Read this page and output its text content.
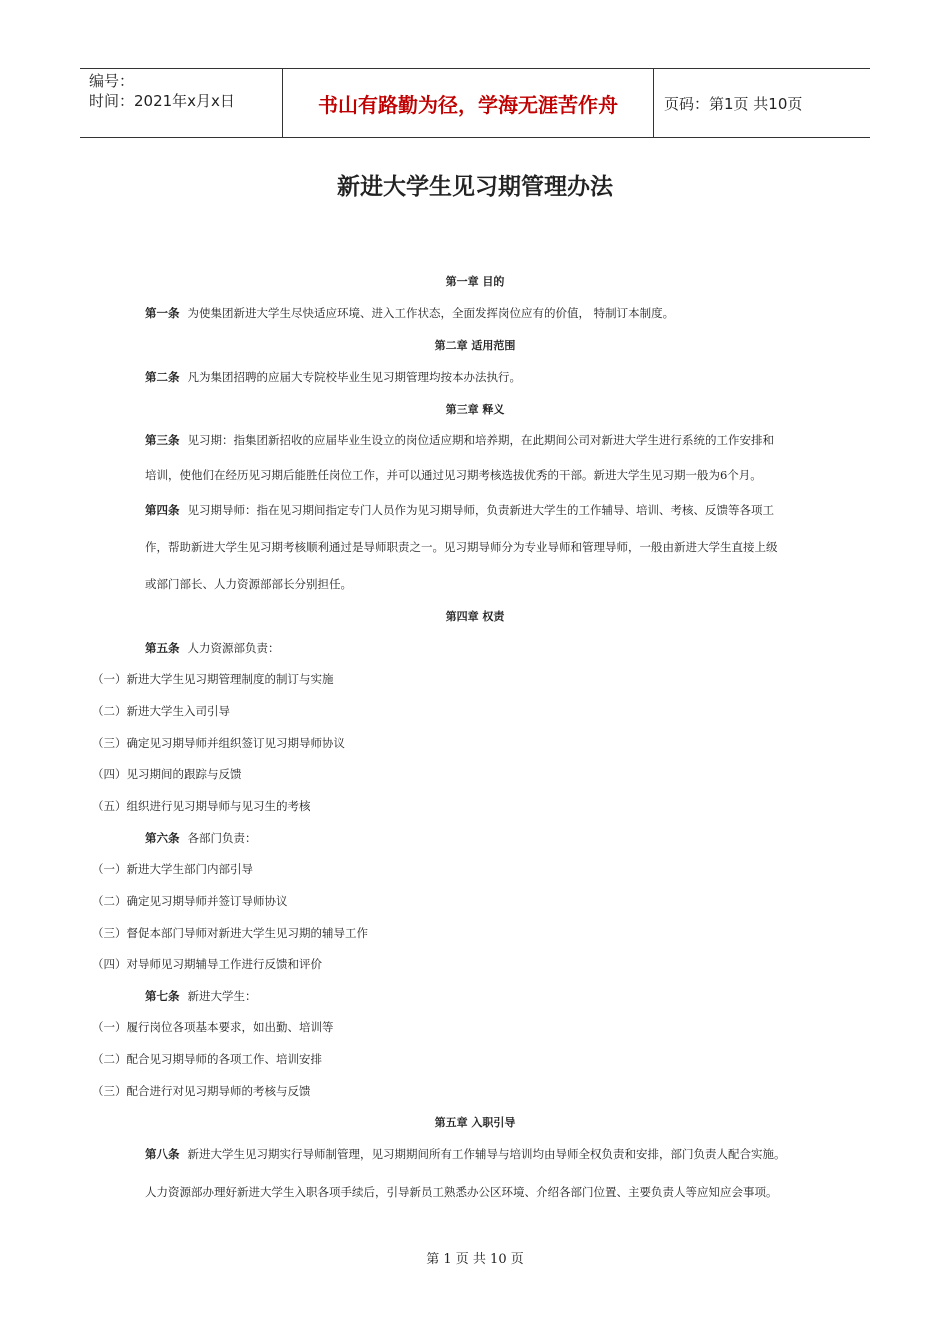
编号：
时间：2021年x月x日	书山有路勤为径，学海无涯苦作舟	页码：第1页 共10页
新进大学生见习期管理办法
第一章 目的
第一条 为使集团新进大学生尽快适应环境、进入工作状态，全面发挥岗位应有的价值， 特制订本制度。
第二章 适用范围
第二条 凡为集团招聘的应届大专院校毕业生见习期管理均按本办法执行。
第三章 释义
第三条 见习期：指集团新招收的应届毕业生设立的岗位适应期和培养期，在此期间公司对新进大学生进行系统的工作安排和
培训，使他们在经历见习期后能胜任岗位工作，并可以通过见习期考核选拔优秀的干部。新进大学生见习期一般为6个月。
第四条 见习期导师：指在见习期间指定专门人员作为见习期导师，负责新进大学生的工作辅导、培训、考核、反馈等各项工
作，帮助新进大学生见习期考核顺利通过是导师职责之一。见习期导师分为专业导师和管理导师，一般由新进大学生直接上级
或部门部长、人力资源部部长分别担任。
第四章 权责
第五条 人力资源部负责：
（一）新进大学生见习期管理制度的制订与实施
（二）新进大学生入司引导
（三）确定见习期导师并组织签订见习期导师协议
（四）见习期间的跟踪与反馈
（五）组织进行见习期导师与见习生的考核
第六条 各部门负责：
（一）新进大学生部门内部引导
（二）确定见习期导师并签订导师协议
（三）督促本部门导师对新进大学生见习期的辅导工作
（四）对导师见习期辅导工作进行反馈和评价
第七条 新进大学生：
（一）履行岗位各项基本要求，如出勤、培训等
（二）配合见习期导师的各项工作、培训安排
（三）配合进行对见习期导师的考核与反馈
第五章 入职引导
第八条 新进大学生见习期实行导师制管理，见习期期间所有工作辅导与培训均由导师全权负责和安排，部门负责人配合实施。
人力资源部办理好新进大学生入职各项手续后，引导新员工熟悉办公区环境、介绍各部门位置、主要负责人等应知应会事项。
第 1 页 共 10 页
